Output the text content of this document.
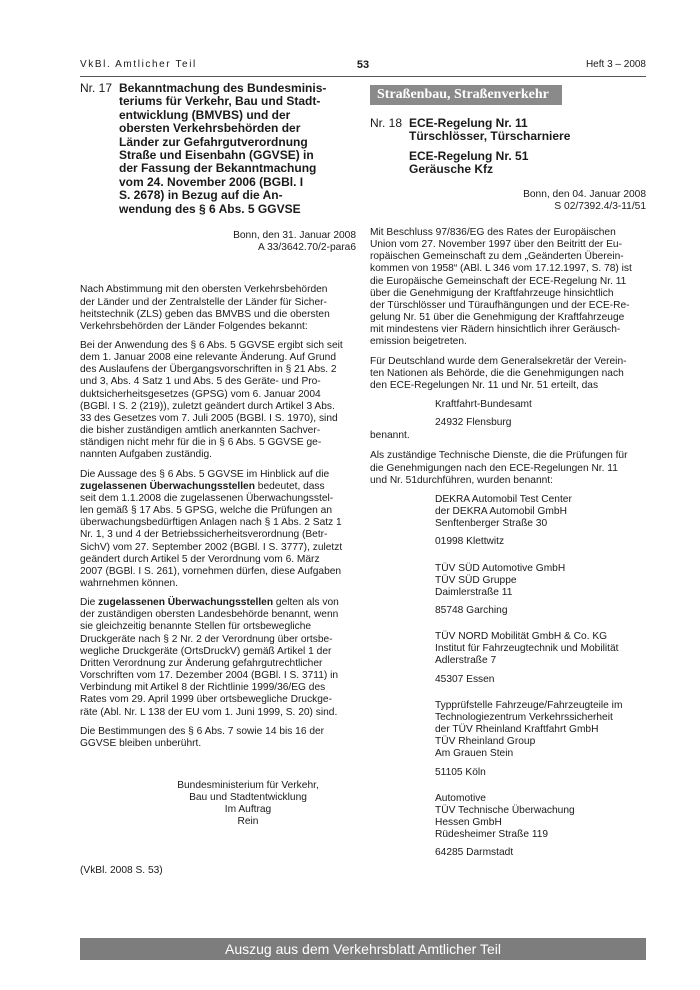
VkBl. Amtlicher Teil	53	Heft 3 – 2008
Nr. 17 Bekanntmachung des Bundesminis-
teriums für Verkehr, Bau und Stadt-
entwicklung (BMVBS) und der
obersten Verkehrsbehörden der
Länder zur Gefahrgutverordnung
Straße und Eisenbahn (GGVSE) in
der Fassung der Bekanntmachung
vom 24. November 2006 (BGBl. I
S. 2678) in Bezug auf die An-
wendung des § 6 Abs. 5 GGVSE
Bonn, den 31. Januar 2008
A 33/3642.70/2-para6

Nach Abstimmung mit den obersten Verkehrsbehörden
der Länder und der Zentralstelle der Länder für Sicher-
heitstechnik (ZLS) geben das BMVBS und die obersten
Verkehrsbehörden der Länder Folgendes bekannt:

Bei der Anwendung des § 6 Abs. 5 GGVSE ergibt sich seit
dem 1. Januar 2008 eine relevante Änderung. Auf Grund
des Auslaufens der Übergangsvorschriften in § 21 Abs. 2
und 3, Abs. 4 Satz 1 und Abs. 5 des Geräte- und Pro-
duktsicherheitsgesetzes (GPSG) vom 6. Januar 2004
(BGBl. I S. 2 (219)), zuletzt geändert durch Artikel 3 Abs.
33 des Gesetzes vom 7. Juli 2005 (BGBl. I S. 1970), sind
die bisher zuständigen amtlich anerkannten Sachver-
ständigen nicht mehr für die in § 6 Abs. 5 GGVSE ge-
nannten Aufgaben zuständig.

Die Aussage des § 6 Abs. 5 GGVSE im Hinblick auf die
zugelassenen Überwachungsstellen bedeutet, dass
seit dem 1.1.2008 die zugelassenen Überwachungsstel-
len gemäß § 17 Abs. 5 GPSG, welche die Prüfungen an
überwachungsbedürftigen Anlagen nach § 1 Abs. 2 Satz 1
Nr. 1, 3 und 4 der Betriebssicherheitsverordnung (Betr-
SichV) vom 27. September 2002 (BGBl. I S. 3777), zuletzt
geändert durch Artikel 5 der Verordnung vom 6. März
2007 (BGBl. I S. 261), vornehmen dürfen, diese Aufgaben
wahrnehmen können.

Die zugelassenen Überwachungsstellen gelten als von
der zuständigen obersten Landesbehörde benannt, wenn
sie gleichzeitig benannte Stellen für ortsbewegliche
Druckgeräte nach § 2 Nr. 2 der Verordnung über ortsbe-
wegliche Druckgeräte (OrtsDruckV) gemäß Artikel 1 der
Dritten Verordnung zur Änderung gefahrgutrechtlicher
Vorschriften vom 17. Dezember 2004 (BGBl. I S. 3711) in
Verbindung mit Artikel 8 der Richtlinie 1999/36/EG des
Rates vom 29. April 1999 über ortsbewegliche Druckge-
räte (Abl. Nr. L 138 der EU vom 1. Juni 1999, S. 20) sind.

Die Bestimmungen des § 6 Abs. 7 sowie 14 bis 16 der
GGVSE bleiben unberührt.

Bundesministerium für Verkehr,
Bau und Stadtentwicklung
Im Auftrag
Rein
(VkBl. 2008 S. 53)
Straßenbau, Straßenverkehr
Nr. 18 ECE-Regelung Nr. 11
Türschlösser, Türscharniere
ECE-Regelung Nr. 51
Geräusche Kfz
Bonn, den 04. Januar 2008
S 02/7392.4/3-11/51

Mit Beschluss 97/836/EG des Rates der Europäischen
Union vom 27. November 1997 über den Beitritt der Eu-
ropäischen Gemeinschaft zu dem „Geänderten Überein-
kommen von 1958“ (ABl. L 346 vom 17.12.1997, S. 78) ist
die Europäische Gemeinschaft der ECE-Regelung Nr. 11
über die Genehmigung der Kraftfahrzeuge hinsichtlich
der Türschlösser und Türaufhängungen und der ECE-Re-
gelung Nr. 51 über die Genehmigung der Kraftfahrzeuge
mit mindestens vier Rädern hinsichtlich ihrer Geräusch-
emission beigetreten.

Für Deutschland wurde dem Generalsekretär der Verein-
ten Nationen als Behörde, die die Genehmigungen nach
den ECE-Regelungen Nr. 11 und Nr. 51 erteilt, das

Kraftfahrt-Bundesamt
24932 Flensburg
benannt.

Als zuständige Technische Dienste, die die Prüfungen für
die Genehmigungen nach den ECE-Regelungen Nr. 11
und Nr. 51durchführen, wurden benannt:

DEKRA Automobil Test Center
der DEKRA Automobil GmbH
Senftenberger Straße 30
01998 Klettwitz
TÜV SÜD Automotive GmbH
TÜV SÜD Gruppe
Daimlerstraße 11
85748 Garching
TÜV NORD Mobilität GmbH & Co. KG
Institut für Fahrzeugtechnik und Mobilität
Adlerstraße 7
45307 Essen
Typprüfstelle Fahrzeuge/Fahrzeugteile im
Technologiezentrum Verkehrssicherheit
der TÜV Rheinland Kraftfahrt GmbH
TÜV Rheinland Group
Am Grauen Stein
51105 Köln
Automotive
TÜV Technische Überwachung
Hessen GmbH
Rüdesheimer Straße 119
64285 Darmstadt
Auszug aus dem Verkehrsblatt Amtlicher Teil
